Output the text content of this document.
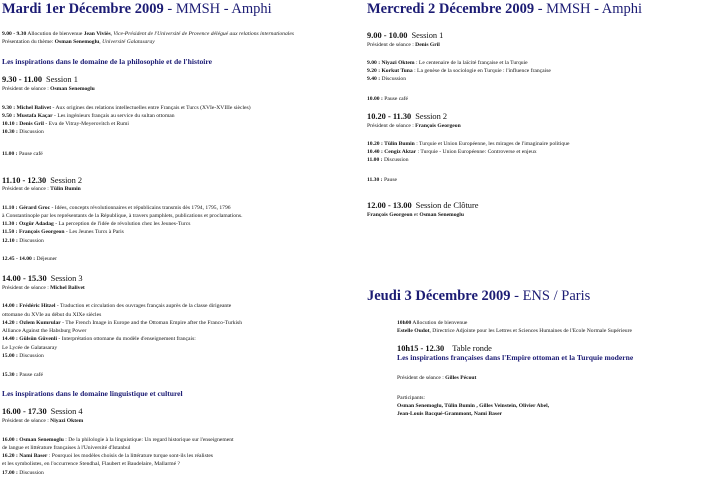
Mardi 1er Décembre 2009 - MMSH - Amphi
9.00 - 9.30 Allocution de bienvenue Jean Viviès, Vice-Président de l'Université de Provence délégué aux relations internationales
Présentation du thème: Osman Senemoglu, Université Galatasaray
Les inspirations dans le domaine de la philosophie et de l'histoire
9.30 - 11.00 Session 1
Président de séance : Osman Senemoglu
9.30 : Michel Balivet - Aux origines des relations intellectuelles entre Français et Turcs (XVIe-XVIIIe siècles)
9.50 : Mustafa Kaçar - Les ingénieurs français au service du sultan ottoman
10.10 : Denis Gril - Eva de Vitray-Meyerovitch et Rumi
10.30 : Discussion
11.00 : Pause café
11.10 - 12.30 Session 2
Président de séance : Tülin Bumin
11.10 : Gérard Groc - Idées, concepts révolutionnaires et républicains transmis dès 1794, 1795, 1796
à Constantinople par les représentants de la République, à travers pamphlets, publications et proclamations.
11.30 : Özgür Adadag - La perception de l'idée de révolution chez les Jeunes-Turcs
11.50 : François Georgeon - Les Jeunes Turcs à Paris
12.10 : Discussion
12.45 - 14.00 : Déjeuner
14.00 - 15.30 Session 3
Président de séance : Michel Balivet
14.00 : Frédéric Hitzel - Traduction et circulation des ouvrages français auprès de la classe dirigeante
ottomane du XVIe au début du XIXe siècles
14.20 : Özlem Kumrular - The French Image in Europe and the Ottoman Empire after the Franco-Turkish
Alliance Against the Habsburg Power
14.40 : Gülsün Güvenli - Interprétation ottomane du modèle d'enseignement français:
Le Lycée de Galatasaray
15.00 : Discussion
15.30 : Pause café
Les inspirations dans le domaine linguistique et culturel
16.00 - 17.30 Session 4
Président de séance : Niyazi Öktem
16.00 : Osman Senemoglu : De la philologie à la linguistique: Un regard historique sur l'enseignement
de langue et littérature françaises à l'Université d'Istanbul
16.20 : Nami Baser : Pourquoi les modèles choisis de la littérature turque sont-ils les réalistes
et les symbolistes, en l'occurrence Stendhal, Flaubert et Baudelaire, Mallarmé ?
17.00 : Discussion
Mercredi 2 Décembre 2009 - MMSH - Amphi
9.00 - 10.00 Session 1
Président de séance : Denis Gril
9.00 : Niyazi Öktem : Le centenaire de la laïcité française et la Turquie
9.20 : Korkut Tuna : La genèse de la sociologie en Turquie : l'influence française
9.40 : Discussion
10.00 : Pause café
10.20 - 11.30 Session 2
Président de séance : François Georgeon
10.20 : Tülin Bumin : Turquie et Union Européenne, les mirages de l'imaginaire politique
10.40 : Cengiz Aktar : Turquie - Union Européenne: Controverse et enjeux
11.00 : Discussion
11.30 : Pause
12.00 - 13.00 Session de Clôture
François Georgeon et Osman Senemoglu
Jeudi 3 Décembre 2009 - ENS / Paris
10h00 Allocution de bienvenue
Estelle Oudot, Directrice Adjointe pour les Lettres et Sciences Humaines de l'Ecole Normale Supérieure
10h15 - 12.30 Table ronde
Les inspirations françaises dans l'Empire ottoman et la Turquie moderne
Président de séance : Gilles Pécout
Participants:
Osman Senemoglu, Tülin Bumin , Gilles Veinstein, Olivier Abel,
Jean-Louis Bacqué-Grammont, Nami Baser
